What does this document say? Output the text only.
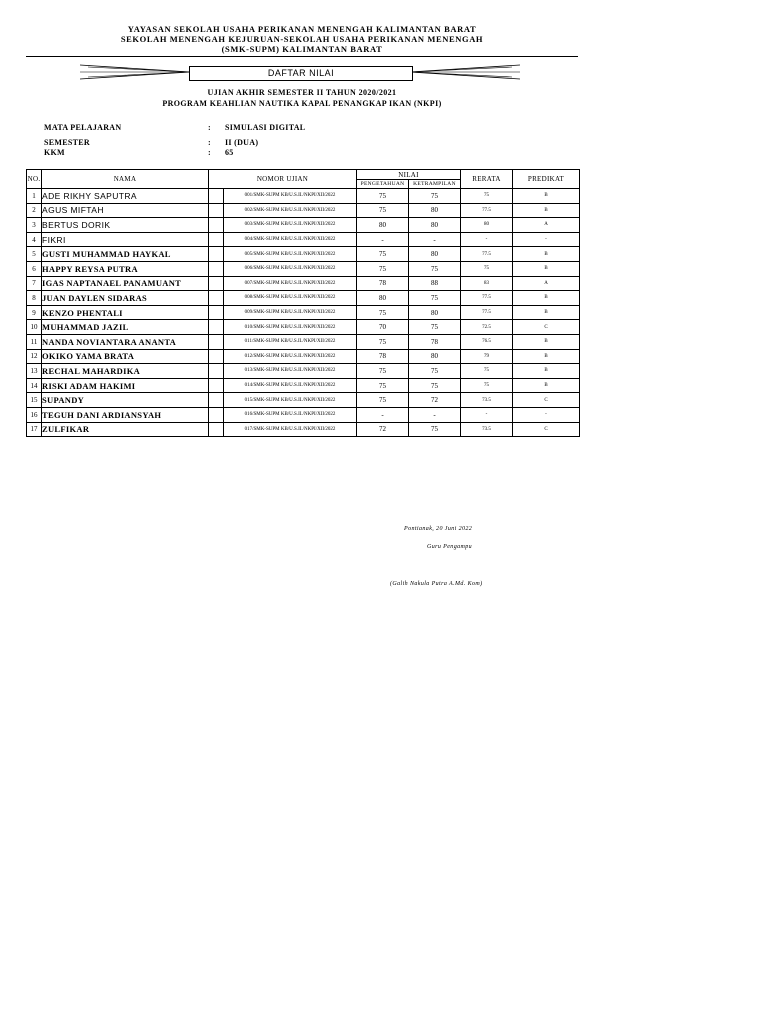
YAYASAN SEKOLAH USAHA PERIKANAN MENENGAH KALIMANTAN BARAT
SEKOLAH MENENGAH KEJURUAN-SEKOLAH USAHA PERIKANAN MENENGAH
(SMK-SUPM) KALIMANTAN BARAT
DAFTAR NILAI
UJIAN AKHIR SEMESTER II TAHUN 2020/2021
PROGRAM KEAHLIAN NAUTIKA KAPAL PENANGKAP IKAN (NKPI)
MATA PELAJARAN	: SIMULASI DIGITAL
SEMESTER	: II (DUA)
KKM	: 65
NO.	NAMA	NOMOR UJIAN		NILAI		RERATA	PREDIKAT
				PENGETAHUAN	KETRAMPILAN		
1	ADE RIKHY SAPUTRA		001/SMK-SUPM KB/U.S.II./NKPI/XII/2022	75	75	75	B
2	AGUS MIFTAH		002/SMK-SUPM KB/U.S.II./NKPI/XII/2022	75	80	77.5	B
3	BERTUS DORIK		003/SMK-SUPM KB/U.S.II./NKPI/XII/2022	80	80	80	A
4	FIKRI		004/SMK-SUPM KB/U.S.II./NKPI/XII/2022	-	-	-	-
5	GUSTI MUHAMMAD HAYKAL		005/SMK-SUPM KB/U.S.II./NKPI/XII/2022	75	80	77.5	B
6	HAPPY REYSA PUTRA		006/SMK-SUPM KB/U.S.II./NKPI/XII/2022	75	75	75	B
7	IGAS NAPTANAEL PANAMUANT		007/SMK-SUPM KB/U.S.II./NKPI/XII/2022	78	88	83	A
8	JUAN DAYLEN SIDARAS		008/SMK-SUPM KB/U.S.II./NKPI/XII/2022	80	75	77.5	B
9	KENZO PHENTALI		009/SMK-SUPM KB/U.S.II./NKPI/XII/2022	75	80	77.5	B
10	MUHAMMAD JAZIL		010/SMK-SUPM KB/U.S.II./NKPI/XII/2022	70	75	72.5	C
11	NANDA NOVIANTARA ANANTA		011/SMK-SUPM KB/U.S.II./NKPI/XII/2022	75	78	76.5	B
12	OKIKO YAMA BRATA		012/SMK-SUPM KB/U.S.II./NKPI/XII/2022	78	80	79	B
13	RECHAL MAHARDIKA		013/SMK-SUPM KB/U.S.II./NKPI/XII/2022	75	75	75	B
14	RISKI ADAM HAKIMI		014/SMK-SUPM KB/U.S.II./NKPI/XII/2022	75	75	75	B
15	SUPANDY		015/SMK-SUPM KB/U.S.II./NKPI/XII/2022	75	72	73.5	C
16	TEGUH DANI ARDIANSYAH		016/SMK-SUPM KB/U.S.II./NKPI/XII/2022	-	-	-	-
17	ZULFIKAR		017/SMK-SUPM KB/U.S.II./NKPI/XII/2022	72	75	73.5	C
Pontianak, 20 Juni 2022
Guru Pengampu
(Galih Nakula Putra A.Md. Kom)
